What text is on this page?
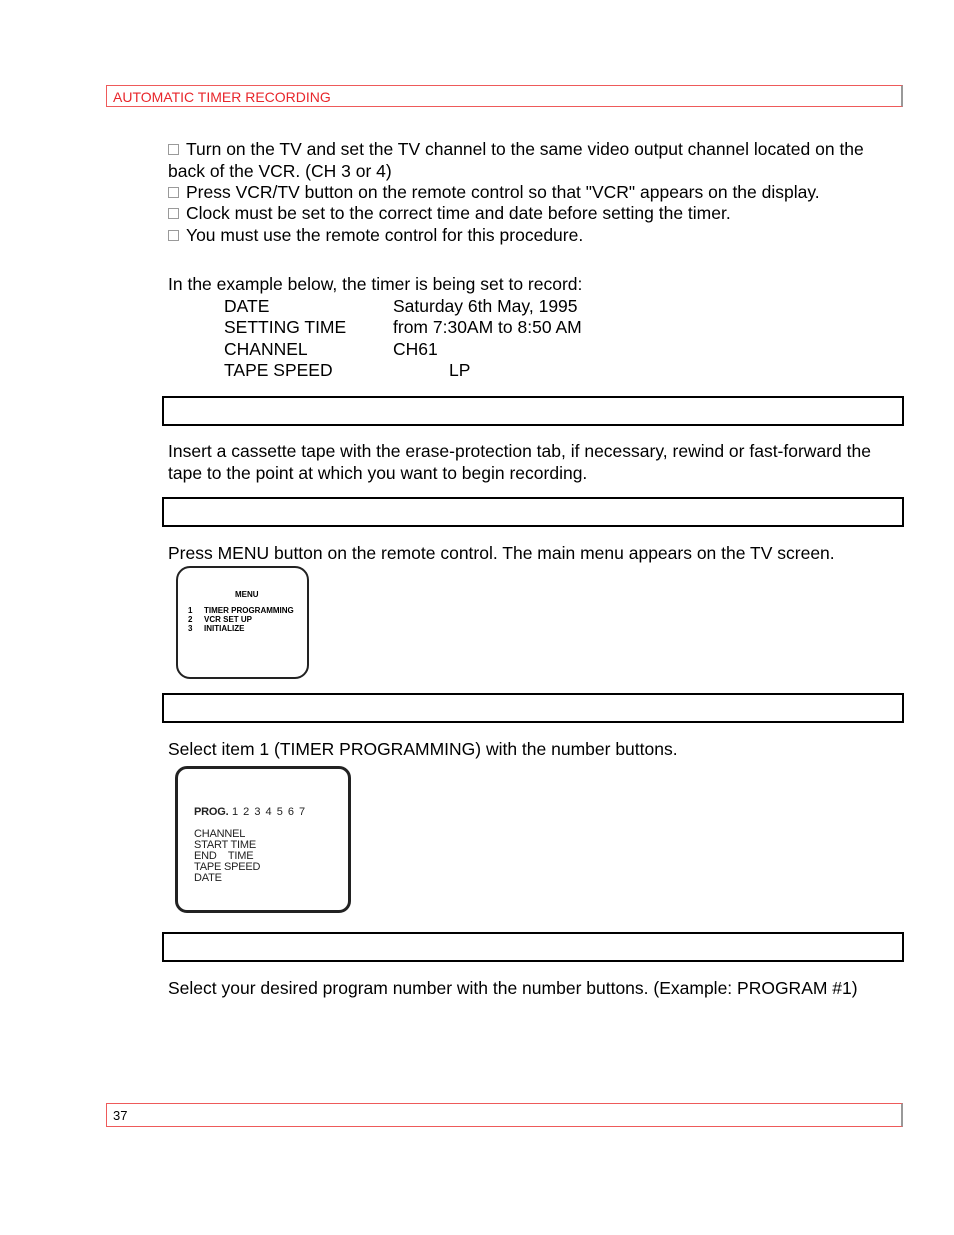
AUTOMATIC TIMER RECORDING
Turn on the TV and set the TV channel to the same video output channel located on the back of the VCR. (CH 3 or 4)
Press VCR/TV button on the remote control so that "VCR" appears on the display.
Clock must be set to the correct time and date before setting the timer.
You must use the remote control for this procedure.
In the example below, the timer is being set to record:
DATE	Saturday 6th May, 1995
SETTING TIME	from 7:30AM to 8:50 AM
CHANNEL	CH61
TAPE SPEED	LP
Insert a cassette tape with the erase-protection tab, if necessary, rewind or fast-forward the tape to the point at which you want to begin recording.
Press MENU button on the remote control. The main menu appears on the TV screen.
MENU
1 TIMER PROGRAMMING
2 VCR SET UP
3 INITIALIZE
Select item 1 (TIMER PROGRAMMING) with the number buttons.
PROG. 1 2 3 4 5 6 7
CHANNEL
START TIME
END    TIME
TAPE SPEED
DATE
Select your desired program number with the number buttons. (Example: PROGRAM #1)
37
